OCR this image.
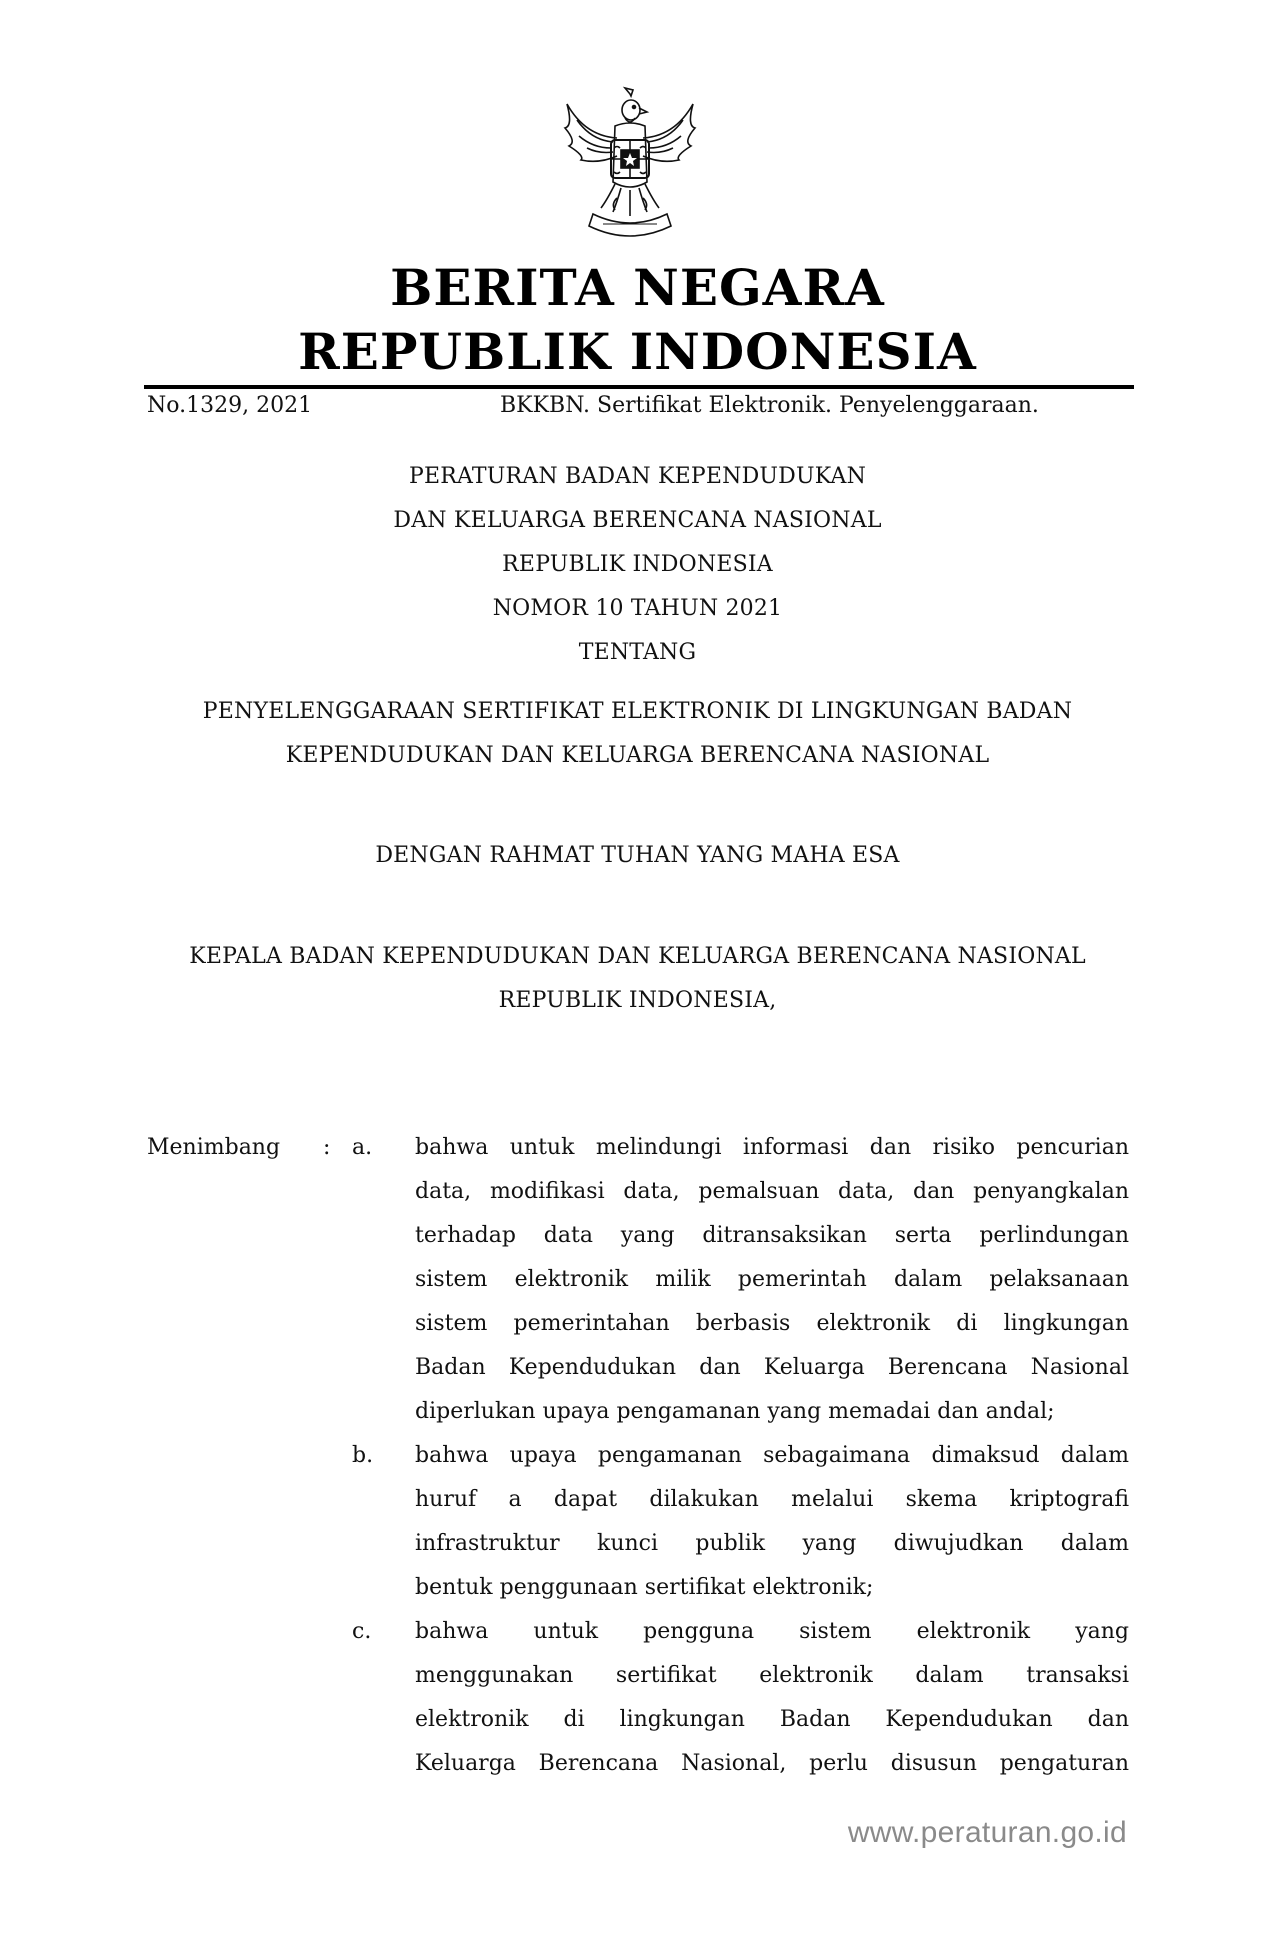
BERITA NEGARA
REPUBLIK INDONESIA
No.1329, 2021	BKKBN. Sertifikat Elektronik. Penyelenggaraan.
PERATURAN BADAN KEPENDUDUKAN
DAN KELUARGA BERENCANA NASIONAL
REPUBLIK INDONESIA
NOMOR 10 TAHUN 2021
TENTANG
PENYELENGGARAAN SERTIFIKAT ELEKTRONIK DI LINGKUNGAN BADAN
KEPENDUDUKAN DAN KELUARGA BERENCANA NASIONAL
DENGAN RAHMAT TUHAN YANG MAHA ESA
KEPALA BADAN KEPENDUDUKAN DAN KELUARGA BERENCANA NASIONAL
REPUBLIK INDONESIA,
Menimbang : a.	bahwa untuk melindungi informasi dan risiko pencurian
data, modifikasi data, pemalsuan data, dan penyangkalan
terhadap data yang ditransaksikan serta perlindungan
sistem elektronik milik pemerintah dalam pelaksanaan
sistem pemerintahan berbasis elektronik di lingkungan
Badan Kependudukan dan Keluarga Berencana Nasional
diperlukan upaya pengamanan yang memadai dan andal;
b.	bahwa upaya pengamanan sebagaimana dimaksud dalam
huruf a dapat dilakukan melalui skema kriptografi
infrastruktur kunci publik yang diwujudkan dalam
bentuk penggunaan sertifikat elektronik;
c.	bahwa untuk pengguna sistem elektronik yang
menggunakan sertifikat elektronik dalam transaksi
elektronik di lingkungan Badan Kependudukan dan
Keluarga Berencana Nasional, perlu disusun pengaturan
www.peraturan.go.id
